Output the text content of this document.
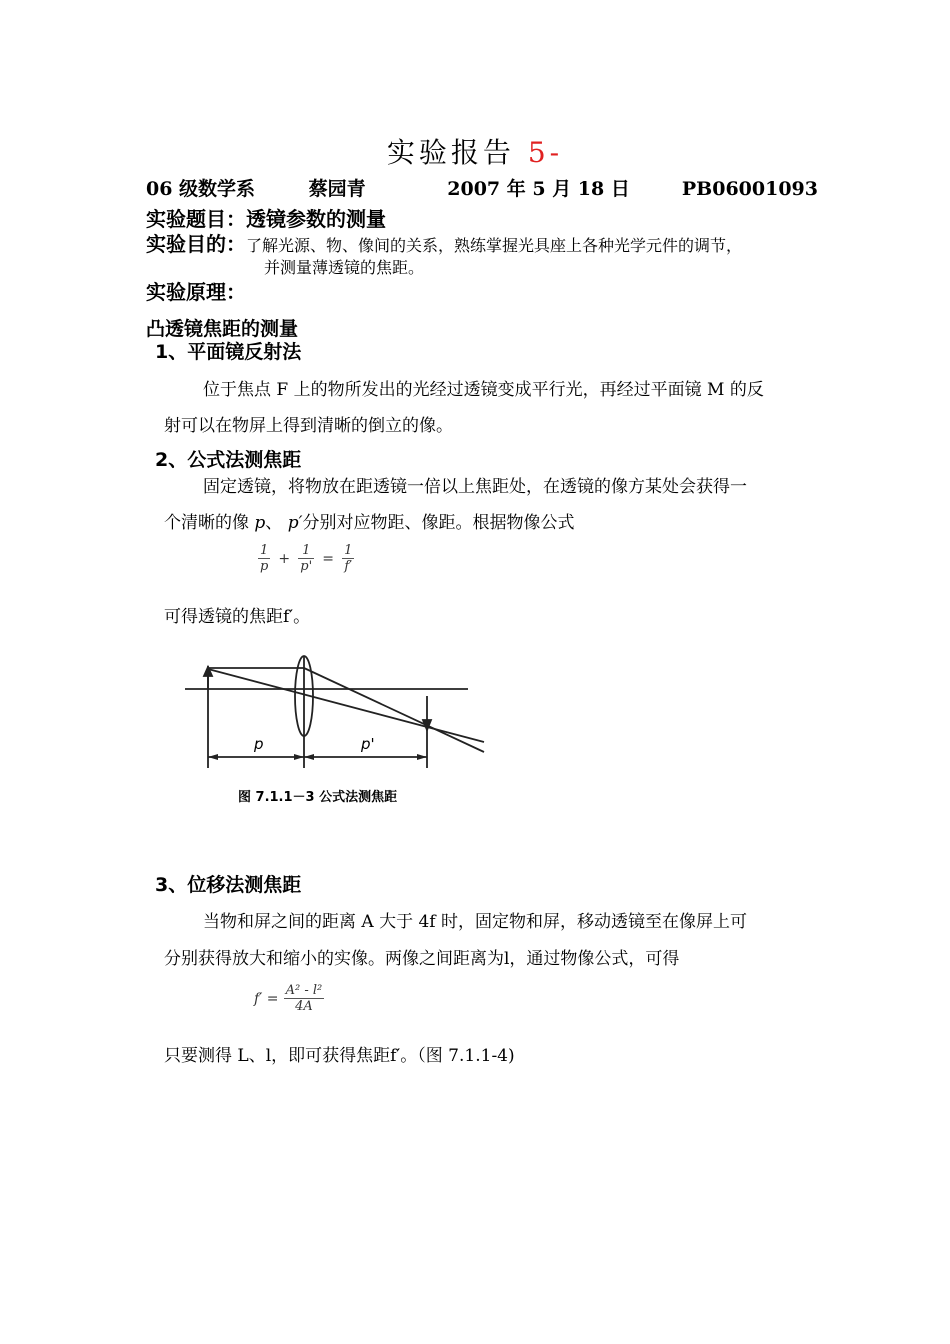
实验报告 5-
06 级数学系	蔡园青	2007 年 5 月 18 日	PB06001093
实验题目：透镜参数的测量
实验目的：了解光源、物、像间的关系，熟练掌握光具座上各种光学元件的调节，
并测量薄透镜的焦距。
实验原理：
凸透镜焦距的测量
1、平面镜反射法
位于焦点 F 上的物所发出的光经过透镜变成平行光，再经过平面镜 M 的反
射可以在物屏上得到清晰的倒立的像。
2、公式法测焦距
固定透镜，将物放在距透镜一倍以上焦距处，在透镜的像方某处会获得一
个清晰的像 p、 p′分别对应物距、像距。根据物像公式
$\frac{1}{p} + \frac{1}{p'} = \frac{1}{f'}$
可得透镜的焦距f′。
p	p'
图 7.1.1－3 公式法测焦距
3、位移法测焦距
当物和屏之间的距离 A 大于 4f 时，固定物和屏，移动透镜至在像屏上可
分别获得放大和缩小的实像。两像之间距离为l，通过物像公式，可得
$f' = \frac{\text{A² - l²}}{4A}$
只要测得 L、l，即可获得焦距f′。（图 7.1.1-4)
